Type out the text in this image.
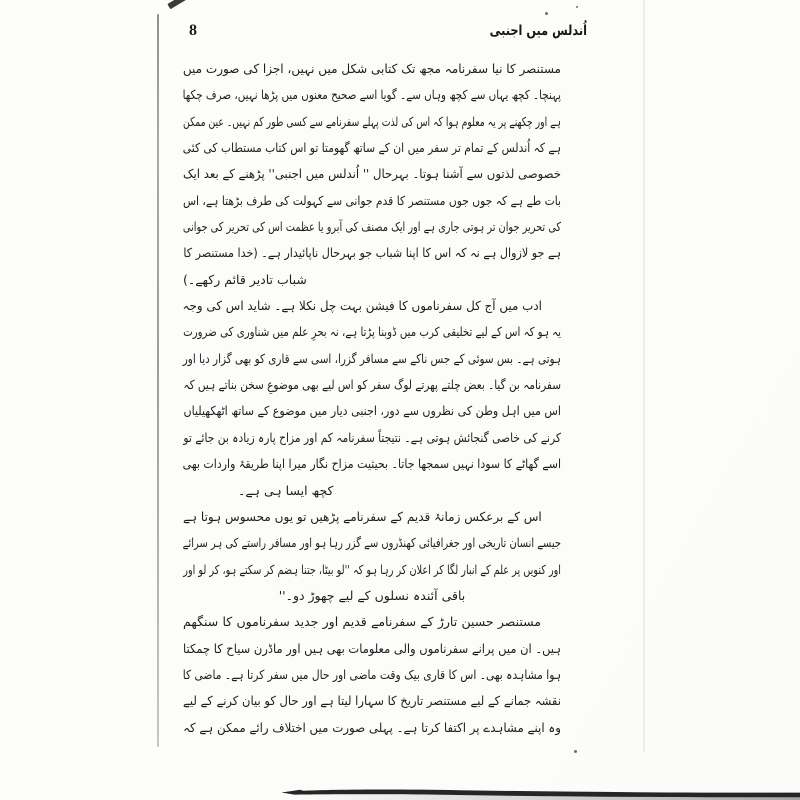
8	اُندلس میں اجنبی
مستنصر کا نیا سفرنامہ مجھ تک کتابی شکل میں نہیں، اجزا کی صورت میں
پہنچا۔ کچھ یہاں سے کچھ وہاں سے۔ گویا اسے صحیح معنوں میں پڑھا نہیں، صرف چکھا
ہے اور چکھنے پر یہ معلوم ہوا کہ اس کی لذت پہلے سفرنامے سے کسی طور کم نہیں۔ عین ممکن
ہے کہ اُندلس کے تمام تر سفر میں ان کے ساتھ گھومتا تو اس کتاب مستطاب کی کئی
خصوصی لذتوں سے آشنا ہوتا۔ بہرحال '' اُندلس میں اجنبی'' پڑھنے کے بعد ایک
بات طے ہے کہ جوں جوں مستنصر کا قدم جوانی سے کہولت کی طرف بڑھتا ہے، اس
کی تحریر جوان تر ہوتی جاری ہے اور ایک مصنف کی آبرو یا عظمت اس کی تحریر کی جوانی
ہے جو لازوال ہے نہ کہ اس کا اپنا شباب جو بہرحال ناپائیدار ہے۔ (خدا مستنصر کا
شباب تادیر قائم رکھے۔)
ادب میں آج کل سفرناموں کا فیشن بہت چل نکلا ہے۔ شاید اس کی وجہ
یہ ہو کہ اس کے لیے تخلیقی کرب میں ڈوبنا پڑتا ہے، نہ بحرِ علم میں شناوری کی ضرورت
ہوتی ہے۔ بس سوئی کے جس ناکے سے مسافر گزرا، اسی سے قاری کو بھی گزار دیا اور
سفرنامہ بن گیا۔ بعض چلتے پھرتے لوگ سفر کو اس لیے بھی موضوعِ سخن بناتے ہیں کہ
اس میں اہل وطن کی نظروں سے دور، اجنبی دیار میں موضوع کے ساتھ اٹھکھیلیاں
کرنے کی خاصی گنجائش ہوتی ہے۔ نتیجتاً سفرنامہ کم اور مزاح پارہ زیادہ بن جائے تو
اسے گھاٹے کا سودا نہیں سمجھا جاتا۔ بحیثیت مزاح نگار میرا اپنا طریقۂ واردات بھی
کچھ ایسا ہی ہے۔
اس کے برعکس زمانۂ قدیم کے سفرنامے پڑھیں تو یوں محسوس ہوتا ہے
جیسے انسان تاریخی اور جغرافیائی کھنڈروں سے گزر رہا ہو اور مسافر راستے کی ہر سرائے
اور کنویں پر علم کے انبار لگا کر اعلان کر رہا ہو کہ ''لو بیٹا، جتنا ہضم کر سکتے ہو، کر لو اور
باقی آئندہ نسلوں کے لیے چھوڑ دو۔''
مستنصر حسین تارڑ کے سفرنامے قدیم اور جدید سفرناموں کا سنگھم
ہیں۔ ان میں پرانے سفرناموں والی معلومات بھی ہیں اور ماڈرن سیاح کا چمکتا
ہوا مشاہدہ بھی۔ اس کا قاری بیک وقت ماضی اور حال میں سفر کرتا ہے۔ ماضی کا
نقشہ جمانے کے لیے مستنصر تاریخ کا سہارا لیتا ہے اور حال کو بیان کرنے کے لیے
وہ اپنے مشاہدے پر اکتفا کرتا ہے۔ پہلی صورت میں اختلاف رائے ممکن ہے کہ
